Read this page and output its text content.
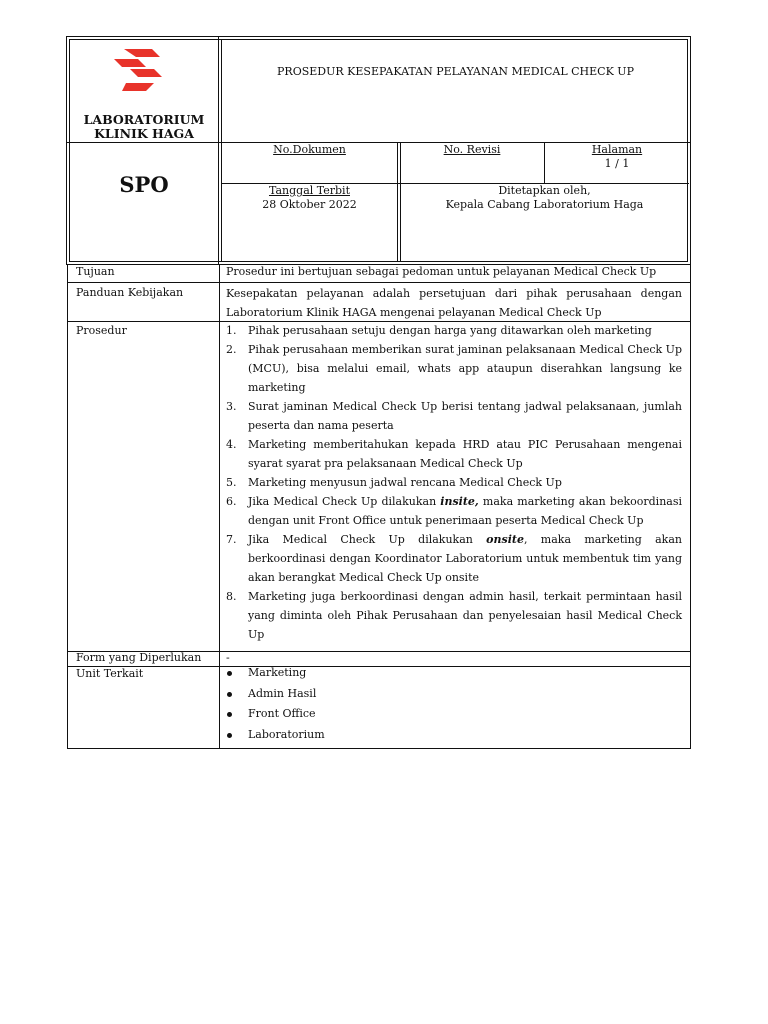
LABORATORIUM
KLINIK HAGA
PROSEDUR KESEPAKATAN PELAYANAN MEDICAL CHECK UP
SPO
No.Dokumen	No. Revisi	Halaman
1 / 1
Tanggal Terbit
28 Oktober 2022
Ditetapkan oleh,
Kepala Cabang Laboratorium Haga
Tujuan	Prosedur ini bertujuan sebagai pedoman untuk pelayanan Medical Check Up
Panduan Kebijakan	Kesepakatan pelayanan adalah persetujuan dari pihak perusahaan dengan Laboratorium Klinik HAGA mengenai pelayanan Medical Check Up
Prosedur	1. Pihak perusahaan setuju dengan harga yang ditawarkan oleh marketing
2. Pihak perusahaan memberikan surat jaminan pelaksanaan Medical Check Up (MCU), bisa melalui email, whats app ataupun diserahkan langsung ke marketing
3. Surat jaminan Medical Check Up berisi tentang jadwal pelaksanaan, jumlah peserta dan nama peserta
4. Marketing memberitahukan kepada HRD atau PIC Perusahaan mengenai syarat syarat pra pelaksanaan Medical Check Up
5. Marketing menyusun jadwal rencana Medical Check Up
6. Jika Medical Check Up dilakukan insite, maka marketing akan bekoordinasi dengan unit Front Office untuk penerimaan peserta Medical Check Up
7. Jika Medical Check Up dilakukan onsite, maka marketing akan berkoordinasi dengan Koordinator Laboratorium untuk membentuk tim yang akan berangkat Medical Check Up onsite
8. Marketing juga berkoordinasi dengan admin hasil, terkait permintaan hasil yang diminta oleh Pihak Perusahaan dan penyelesaian hasil Medical Check Up
Form yang Diperlukan	-
Unit Terkait	Marketing
Admin Hasil
Front Office
Laboratorium
